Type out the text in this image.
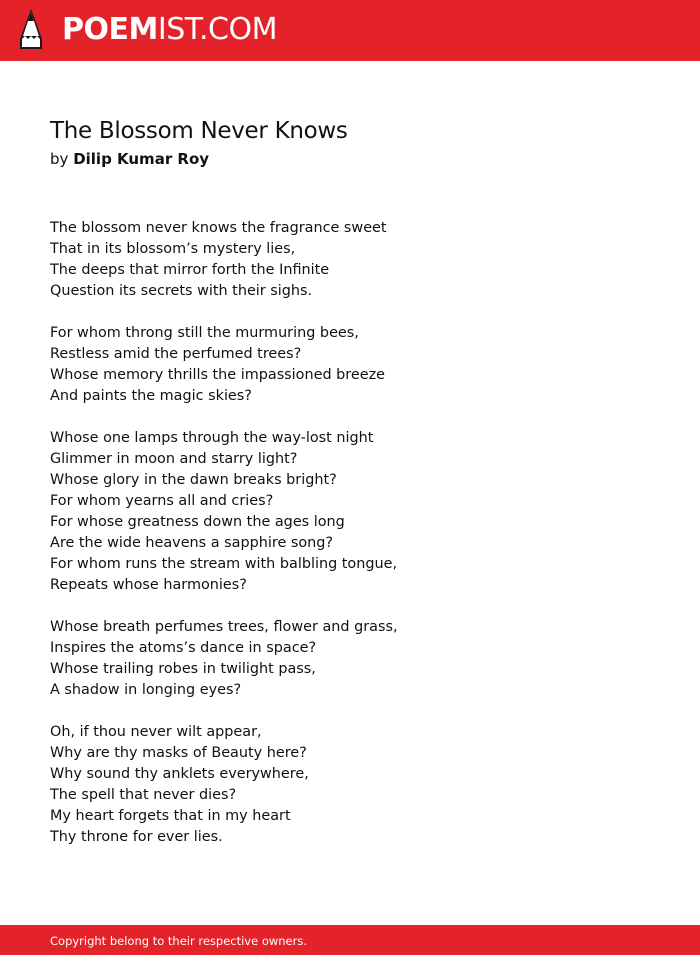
POEMIST.COM
The Blossom Never Knows
by Dilip Kumar Roy
The blossom never knows the fragrance sweet
That in its blossom’s mystery lies,
The deeps that mirror forth the Infinite
Question its secrets with their sighs.
For whom throng still the murmuring bees,
Restless amid the perfumed trees?
Whose memory thrills the impassioned breeze
And paints the magic skies?
Whose one lamps through the way-lost night
Glimmer in moon and starry light?
Whose glory in the dawn breaks bright?
For whom yearns all and cries?
For whose greatness down the ages long
Are the wide heavens a sapphire song?
For whom runs the stream with balbling tongue,
Repeats whose harmonies?
Whose breath perfumes trees, flower and grass,
Inspires the atoms’s dance in space?
Whose trailing robes in twilight pass,
A shadow in longing eyes?
Oh, if thou never wilt appear,
Why are thy masks of Beauty here?
Why sound thy anklets everywhere,
The spell that never dies?
My heart forgets that in my heart
Thy throne for ever lies.
Copyright belong to their respective owners.
